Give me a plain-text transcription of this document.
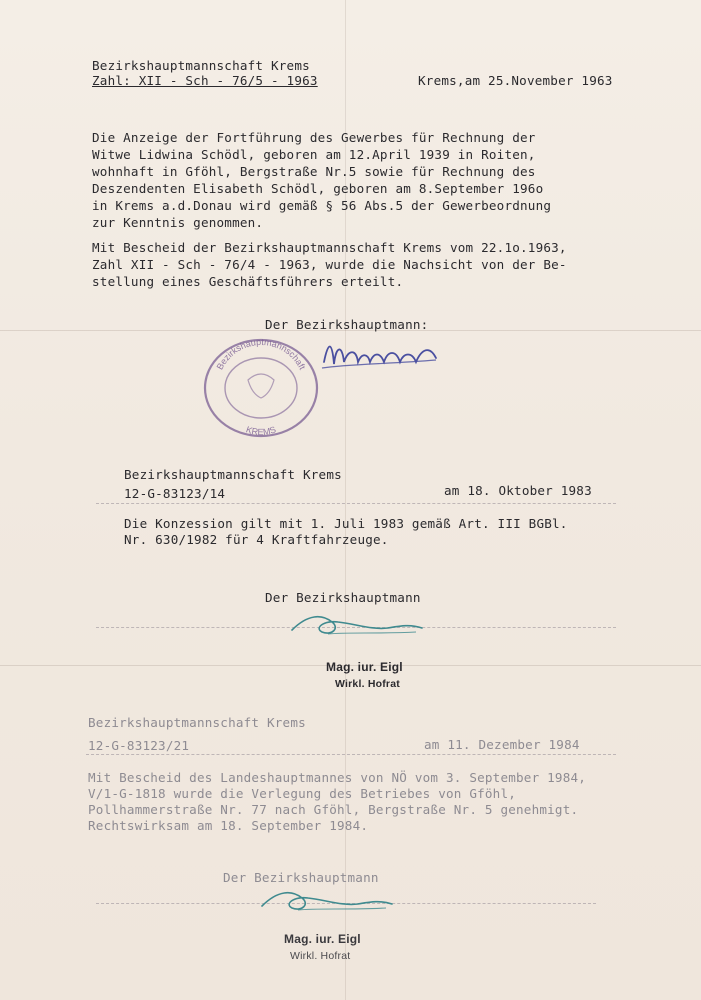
Bezirkshauptmannschaft Krems
Zahl: XII - Sch - 76/5 - 1963	Krems,am 25.November 1963
Die Anzeige der Fortführung des Gewerbes für Rechnung der
Witwe Lidwina Schödl, geboren am 12.April 1939 in Roiten,
wohnhaft in Gföhl, Bergstraße Nr.5 sowie für Rechnung des
Deszendenten Elisabeth Schödl, geboren am 8.September 196o
in Krems a.d.Donau wird gemäß § 56 Abs.5 der Gewerbeordnung
zur Kenntnis genommen.
Mit Bescheid der Bezirkshauptmannschaft Krems vom 22.1o.1963,
Zahl XII - Sch - 76/4 - 1963, wurde die Nachsicht von der Be-
stellung eines Geschäftsführers erteilt.
Der Bezirkshauptmann:
Bezirkshauptmannschaft
KREMS
Bezirkshauptmannschaft Krems
12-G-83123/14	am 18. Oktober 1983
Die Konzession gilt mit 1. Juli 1983 gemäß Art. III BGBl.
Nr. 630/1982 für 4 Kraftfahrzeuge.
Der Bezirkshauptmann
Mag. iur. Eigl
Wirkl. Hofrat
Bezirkshauptmannschaft Krems
12-G-83123/21	am 11. Dezember 1984
Mit Bescheid des Landeshauptmannes von NÖ vom 3. September 1984,
V/1-G-1818 wurde die Verlegung des Betriebes von Gföhl,
Pollhammerstraße Nr. 77 nach Gföhl, Bergstraße Nr. 5 genehmigt.
Rechtswirksam am 18. September 1984.
Der Bezirkshauptmann
Mag. iur. Eigl
Wirkl. Hofrat
